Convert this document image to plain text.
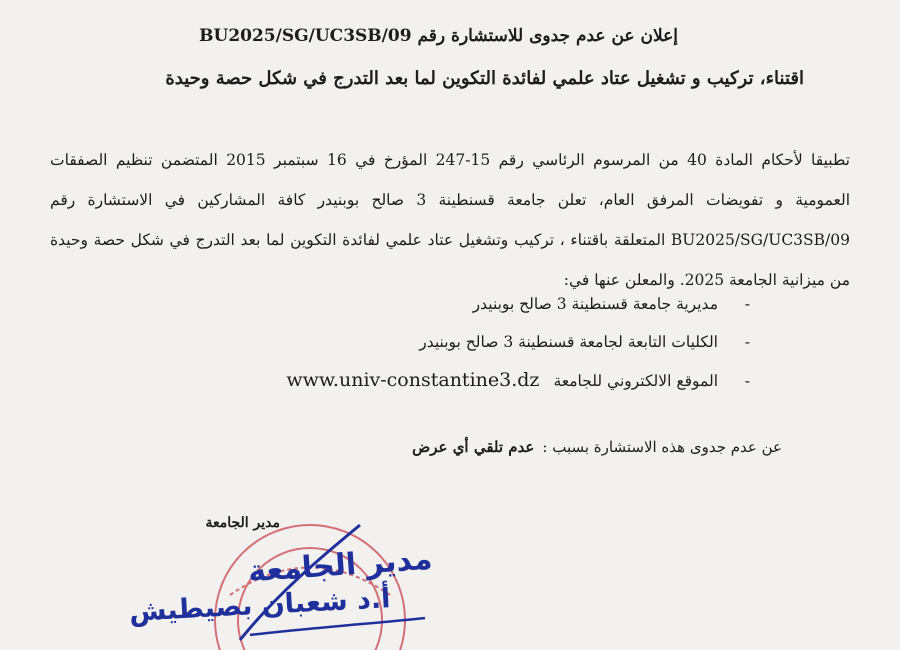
إعلان عن عدم جدوى للاستشارة رقم BU2025/SG/UC3SB/09
اقتناء، تركيب و تشغيل عتاد علمي لفائدة التكوين لما بعد التدرج في شكل حصة وحيدة

تطبيقا لأحكام المادة 40 من المرسوم الرئاسي رقم 15-247 المؤرخ في 16 سبتمبر 2015 المتضمن تنظيم الصفقات العمومية و تفويضات المرفق العام، تعلن جامعة قسنطينة 3 صالح بوبنيدر كافة المشاركين في الاستشارة رقم BU2025/SG/UC3SB/09 المتعلقة باقتناء ، تركيب وتشغيل عتاد علمي لفائدة التكوين لما بعد التدرج في شكل حصة وحيدة من ميزانية الجامعة 2025. والمعلن عنها في:

-مديرية جامعة قسنطينة 3 صالح بوبنيدر
-الكليات التابعة لجامعة قسنطينة 3 صالح بوبنيدر
-الموقع الالكتروني للجامعةwww.univ-constantine3.dz
عن عدم جدوى هذه الاستشارة بسبب :عدم تلقي أي عرض
مدير الجامعة
مدير الجامعة
أ.د شعبان بصيطيش
